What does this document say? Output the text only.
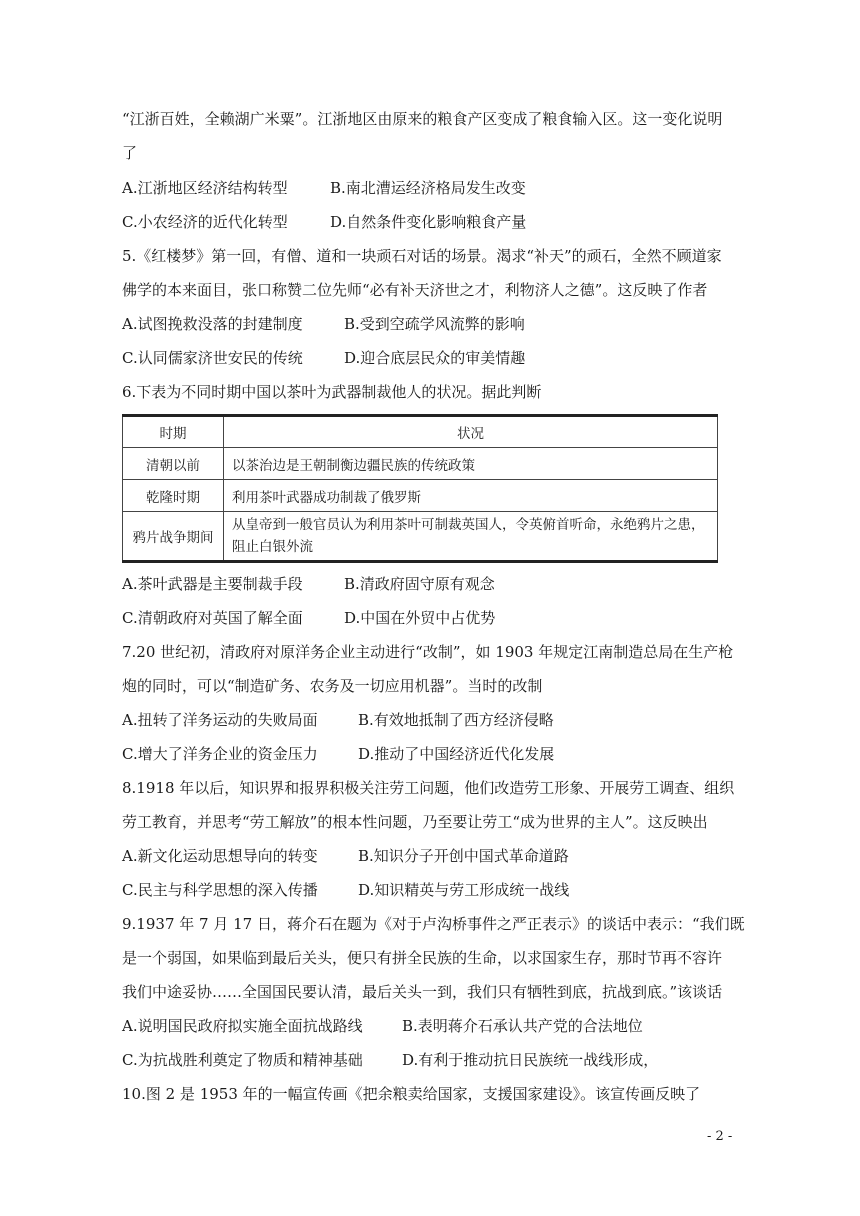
“江浙百姓，全赖湖广米粟”。江浙地区由原来的粮食产区变成了粮食输入区。这一变化说明
了
A.江浙地区经济结构转型	B.南北漕运经济格局发生改变
C.小农经济的近代化转型	D.自然条件变化影响粮食产量
5.《红楼梦》第一回，有僧、道和一块顽石对话的场景。渴求“补天”的顽石，全然不顾道家
佛学的本来面目，张口称赞二位先师“必有补天济世之才，利物济人之德”。这反映了作者
A.试图挽救没落的封建制度	B.受到空疏学风流弊的影响
C.认同儒家济世安民的传统	D.迎合底层民众的审美情趣
6.下表为不同时期中国以茶叶为武器制裁他人的状况。据此判断
时期	状况
清朝以前	以茶治边是王朝制衡边疆民族的传统政策
乾隆时期	利用茶叶武器成功制裁了俄罗斯
鸦片战争期间	从皇帝到一般官员认为利用茶叶可制裁英国人，令英俯首听命，永绝鸦片之患，阻止白银外流
A.茶叶武器是主要制裁手段	B.清政府固守原有观念
C.清朝政府对英国了解全面	D.中国在外贸中占优势
7.20 世纪初，清政府对原洋务企业主动进行“改制”，如 1903 年规定江南制造总局在生产枪
炮的同时，可以“制造矿务、农务及一切应用机器”。当时的改制
A.扭转了洋务运动的失败局面	B.有效地抵制了西方经济侵略
C.增大了洋务企业的资金压力	D.推动了中国经济近代化发展
8.1918 年以后，知识界和报界积极关注劳工问题，他们改造劳工形象、开展劳工调查、组织
劳工教育，并思考“劳工解放”的根本性问题，乃至要让劳工“成为世界的主人”。这反映出
A.新文化运动思想导向的转变	B.知识分子开创中国式革命道路
C.民主与科学思想的深入传播	D.知识精英与劳工形成统一战线
9.1937 年 7 月 17 日，蒋介石在题为《对于卢沟桥事件之严正表示》的谈话中表示：“我们既
是一个弱国，如果临到最后关头，便只有拼全民族的生命，以求国家生存，那时节再不容许
我们中途妥协……全国国民要认清，最后关头一到，我们只有牺牲到底，抗战到底。”该谈话
A.说明国民政府拟实施全面抗战路线	B.表明蒋介石承认共产党的合法地位
C.为抗战胜利奠定了物质和精神基础	D.有利于推动抗日民族统一战线形成，
10.图 2 是 1953 年的一幅宣传画《把余粮卖给国家，支援国家建设》。该宣传画反映了
- 2 -
